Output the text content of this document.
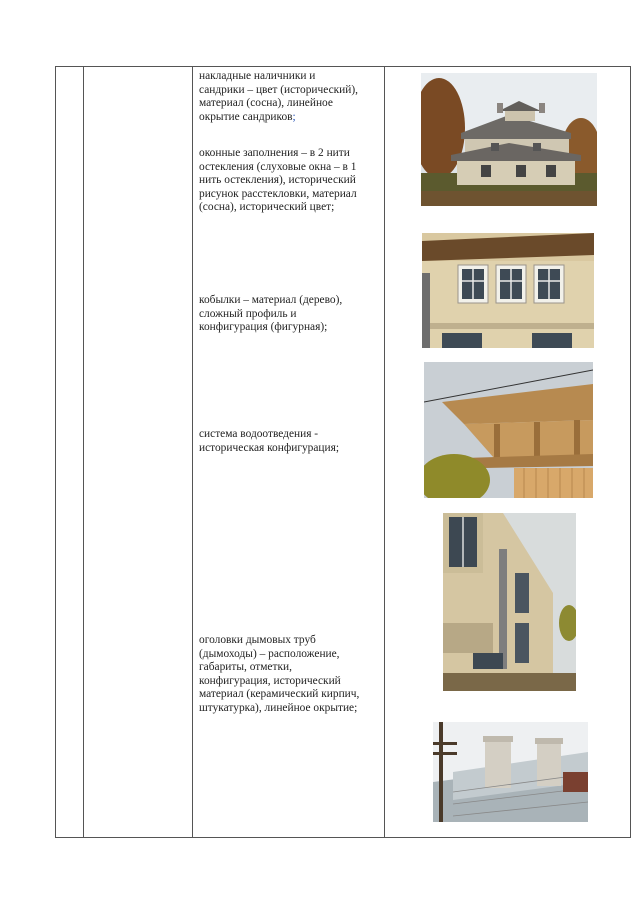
накладные наличники и
сандрики – цвет (исторический),
материал (сосна), линейное
окрытие сандриков;
оконные заполнения – в 2 нити
остекления (слуховые окна – в 1
нить остекления), исторический
рисунок расстекловки, материал
(сосна), исторический цвет;
кобылки – материал (дерево),
сложный профиль и
конфигурация (фигурная);
система водоотведения -
историческая конфигурация;
оголовки дымовых труб
(дымоходы) – расположение,
габариты, отметки,
конфигурация, исторический
материал (керамический кирпич,
штукатурка), линейное окрытие;
